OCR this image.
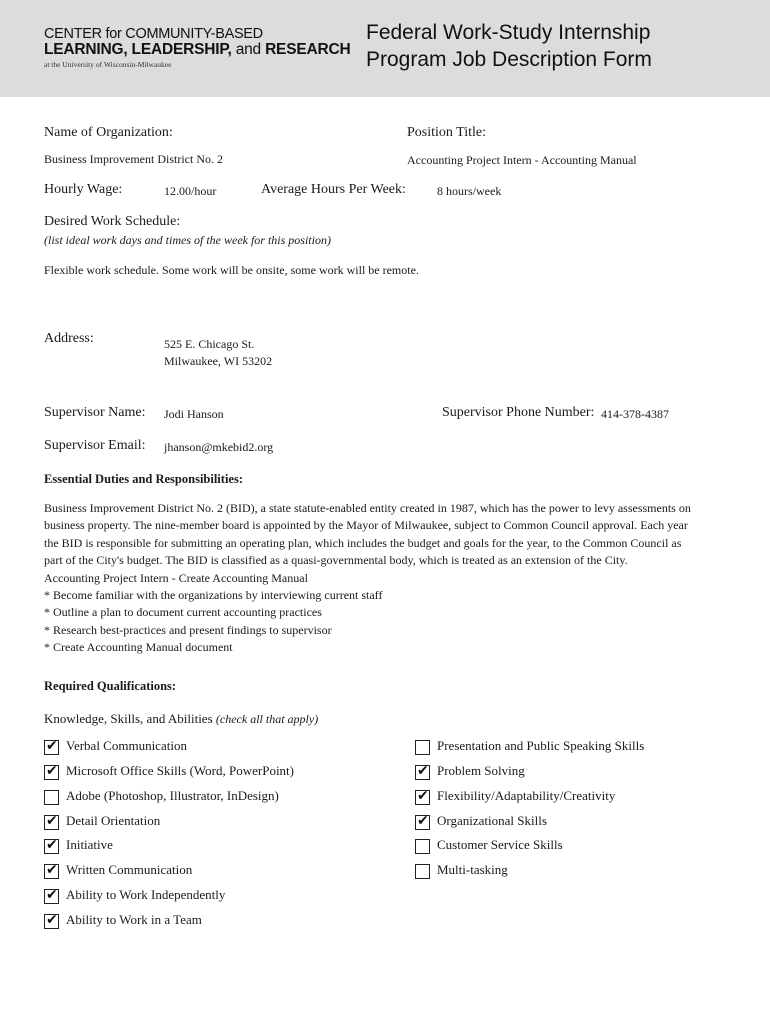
CENTER for COMMUNITY-BASED
LEARNING, LEADERSHIP, and RESEARCH
at the University of Wisconsin-Milwaukee
Federal Work-Study Internship
Program Job Description Form
Name of Organization:
Business Improvement District No. 2
Position Title:
Accounting Project Intern - Accounting Manual
Hourly Wage:	12.00/hour	Average Hours Per Week:	8 hours/week
Desired Work Schedule:
(list ideal work days and times of the week for this position)
Flexible work schedule. Some work will be onsite, some work will be remote.
Address:	525 E. Chicago St.
Milwaukee, WI 53202
Supervisor Name: Jodi Hanson	Supervisor Phone Number: 414-378-4387
Supervisor Email: jhanson@mkebid2.org
Essential Duties and Responsibilities:
Business Improvement District No. 2 (BID), a state statute-enabled entity created in 1987, which has the power to levy assessments on
business property. The nine-member board is appointed by the Mayor of Milwaukee, subject to Common Council approval. Each year
the BID is responsible for submitting an operating plan, which includes the budget and goals for the year, to the Common Council as
part of the City's budget. The BID is classified as a quasi-governmental body, which is treated as an extension of the City.
Accounting Project Intern - Create Accounting Manual
* Become familiar with the organizations by interviewing current staff
* Outline a plan to document current accounting practices
* Research best-practices and present findings to supervisor
* Create Accounting Manual document
Required Qualifications:
Knowledge, Skills, and Abilities (check all that apply)
✔ Verbal Communication
✔ Microsoft Office Skills (Word, PowerPoint)
Adobe (Photoshop, Illustrator, InDesign)
✔ Detail Orientation
✔ Initiative
✔ Written Communication
✔ Ability to Work Independently
✔ Ability to Work in a Team
Presentation and Public Speaking Skills
✔ Problem Solving
✔ Flexibility/Adaptability/Creativity
✔ Organizational Skills
Customer Service Skills
Multi-tasking
